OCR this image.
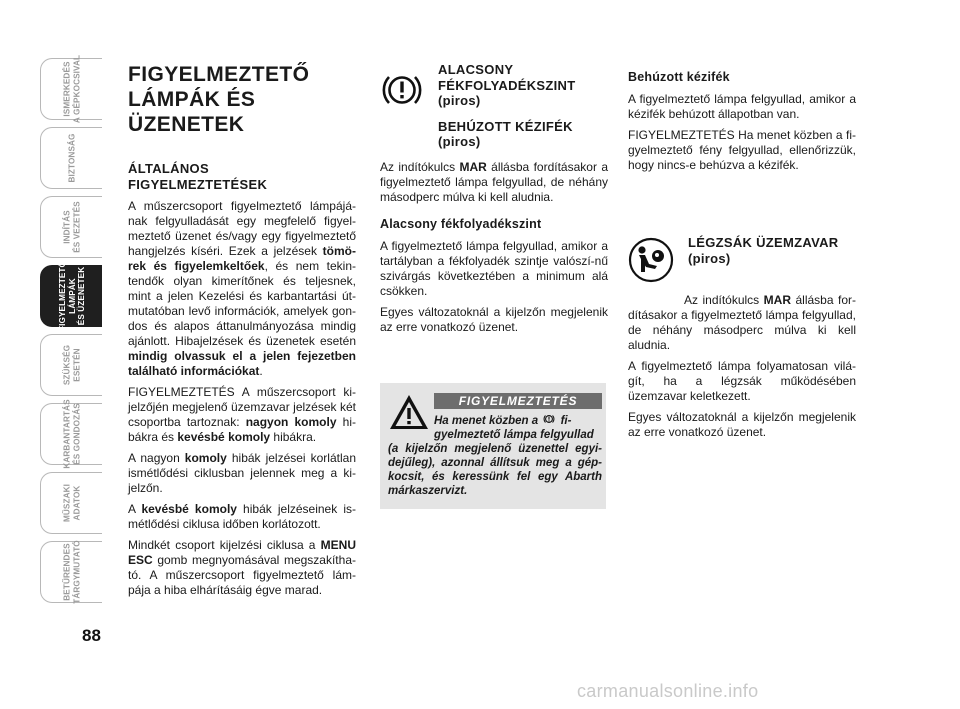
ISMERKEDÉS
A GÉPKOCSIVAL
BIZTONSÁG
INDÍTÁS
ÉS VEZETÉS
FIGYELMEZTETŐ
LÁMPÁK
ÉS ÜZENETEK
SZÜKSÉG
ESETÉN
KARBANTARTÁS
ÉS GONDOZÁS
MŰSZAKI
ADATOK
BETŰRENDES
TÁRGYMUTATÓ
88
FIGYELMEZTETŐ
LÁMPÁK ÉS ÜZENETEK
ÁLTALÁNOS
FIGYELMEZTETÉSEK

A műszercsoport figyelmeztető lámpájá-nak felgyulladását egy megfelelő figyel-meztető üzenet és/vagy egy figyelmeztető hangjelzés kíséri. Ezek a jelzések tömö-rek és figyelemkeltőek, és nem tekin-tendők olyan kimerítőnek és teljesnek, mint a jelen Kezelési és karbantartási út-mutatóban levő információk, amelyek gon-dos és alapos áttanulmányozása mindig ajánlott. Hibajelzések és üzenetek esetén mindig olvassuk el a jelen fejezetben található információkat.

FIGYELMEZTETÉS A műszercsoport ki-jelzőjén megjelenő üzemzavar jelzések két csoportba tartoznak: nagyon komoly hi-bákra és kevésbé komoly hibákra.

A nagyon komoly hibák jelzései korlátlan ismétlődési ciklusban jelennek meg a ki-jelzőn.

A kevésbé komoly hibák jelzéseinek is-métlődési ciklusa időben korlátozott.

Mindkét csoport kijelzési ciklusa a MENU ESC gomb megnyomásával megszakítha-tó. A műszercsoport figyelmeztető lám-pája a hiba elhárításáig égve marad.

ALACSONY
FÉKFOLYADÉKSZINT
(piros)
BEHÚZOTT KÉZIFÉK
(piros)

Az indítókulcs MAR állásba fordításakor a figyelmeztető lámpa felgyullad, de néhány másodperc múlva ki kell aludnia.

Alacsony fékfolyadékszint

A figyelmeztető lámpa felgyullad, amikor a tartályban a fékfolyadék szintje valószí-nű szivárgás következtében a minimum alá csökken.

Egyes változatoknál a kijelzőn megjelenik az erre vonatkozó üzenet.

FIGYELMEZTETÉS
Ha menet közben a  fi-
gyelmeztető lámpa felgyullad
(a kijelzőn megjelenő üzenettel egyi-dejűleg), azonnal állítsuk meg a gép-kocsit, és keressünk fel egy Abarth márkaszervizt.
Behúzott kézifék

A figyelmeztető lámpa felgyullad, amikor a kézifék behúzott állapotban van.

FIGYELMEZTETÉS Ha menet közben a fi-gyelmeztető fény felgyullad, ellenőrizzük, hogy nincs-e behúzva a kézifék.

LÉGZSÁK ÜZEMZAVAR
(piros)

Az indítókulcs MAR állásba for-dításakor a figyelmeztető lámpa felgyullad, de néhány másodperc múlva ki kell aludnia.

A figyelmeztető lámpa folyamatosan vilá-gít, ha a légzsák működésében üzemzavar keletkezett.

Egyes változatoknál a kijelzőn megjelenik az erre vonatkozó üzenet.

carmanualsonline.info
